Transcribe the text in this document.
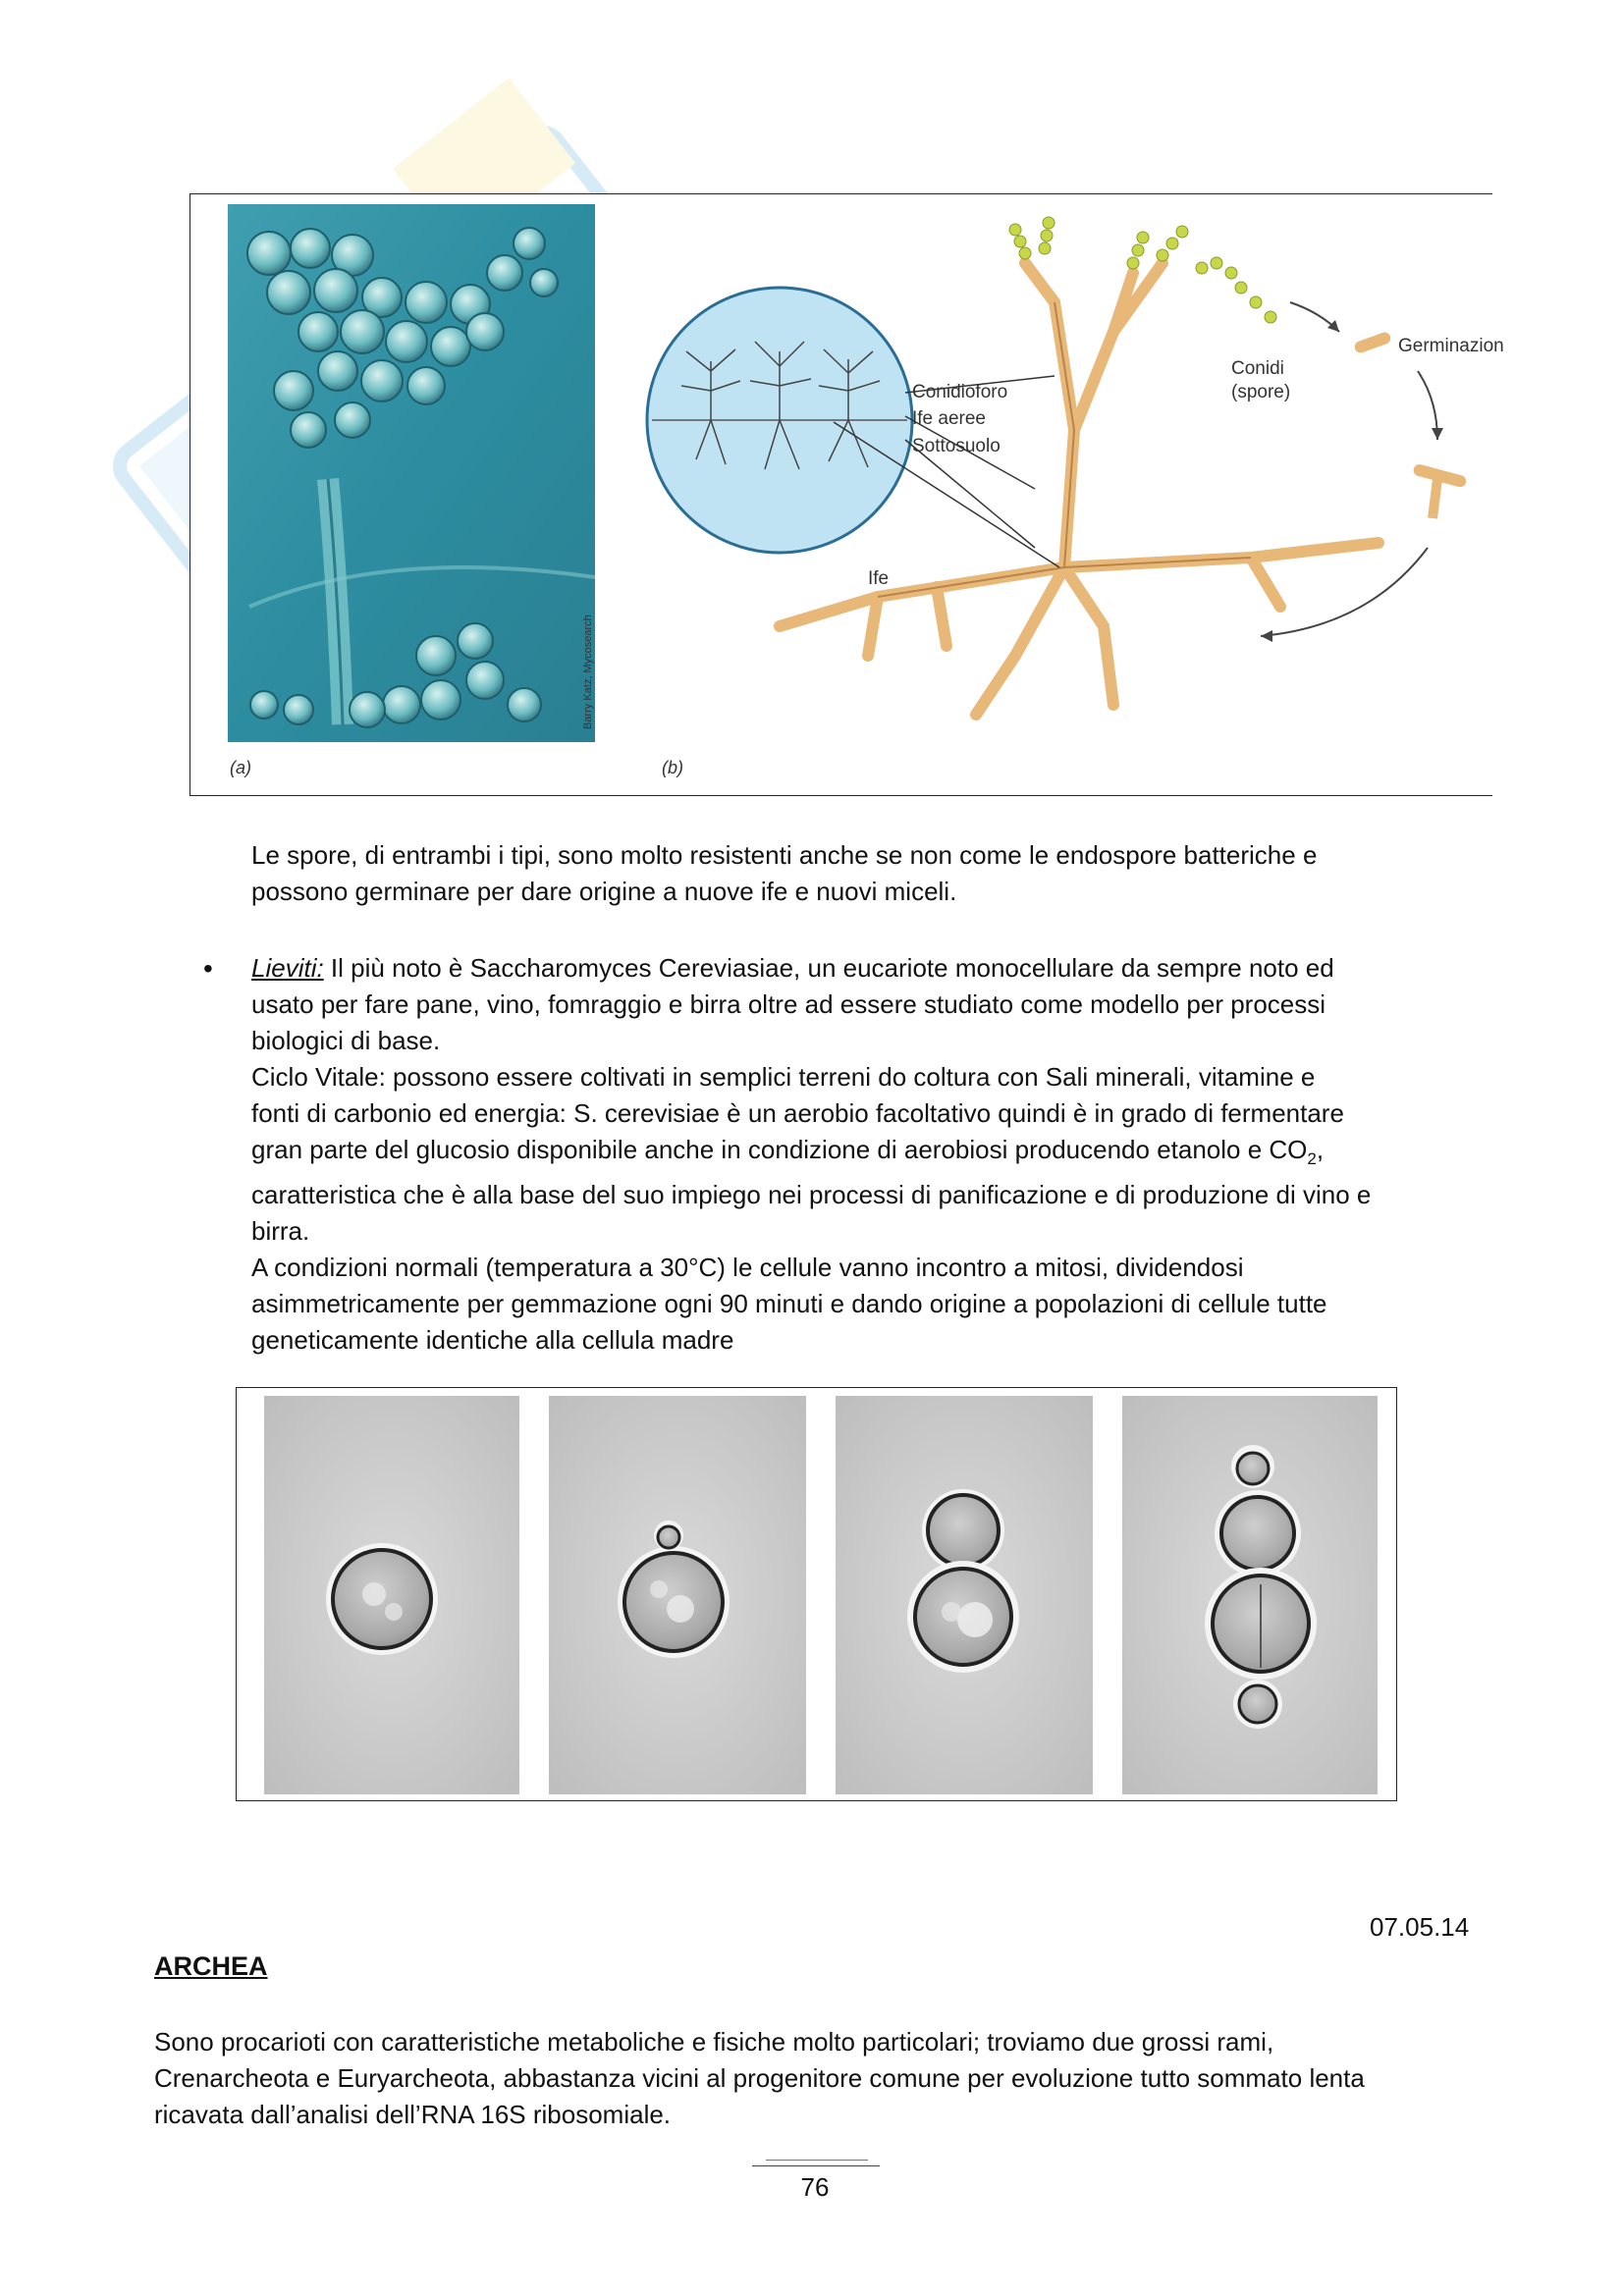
Barry Katz, Mycosearch
(a)	(b)
Conidioforo
Ife aeree
Sottosuolo
Ife
Conidi
(spore)
Germinazion

Le spore, di entrambi i tipi, sono molto resistenti anche se non come le endospore batteriche e
possono germinare per dare origine a nuove ife e nuovi miceli.

• Lieviti: Il più noto è Saccharomyces Cereviasiae, un eucariote monocellulare da sempre noto ed
usato per fare pane, vino, fomraggio e birra oltre ad essere studiato come modello per processi
biologici di base.
Ciclo Vitale: possono essere coltivati in semplici terreni do coltura con Sali minerali, vitamine e
fonti di carbonio ed energia: S. cerevisiae è un aerobio facoltativo quindi è in grado di fermentare
gran parte del glucosio disponibile anche in condizione di aerobiosi producendo etanolo e $CO_2$,
caratteristica che è alla base del suo impiego nei processi di panificazione e di produzione di vino e
birra.
A condizioni normali (temperatura a 30°C) le cellule vanno incontro a mitosi, dividendosi
asimmetricamente per gemmazione ogni 90 minuti e dando origine a popolazioni di cellule tutte
geneticamente identiche alla cellula madre

07.05.14
ARCHEA

Sono procarioti con caratteristiche metaboliche e fisiche molto particolari; troviamo due grossi rami,
Crenarcheota e Euryarcheota, abbastanza vicini al progenitore comune per evoluzione tutto sommato lenta
ricavata dall’analisi dell’RNA 16S ribosomiale.

76
